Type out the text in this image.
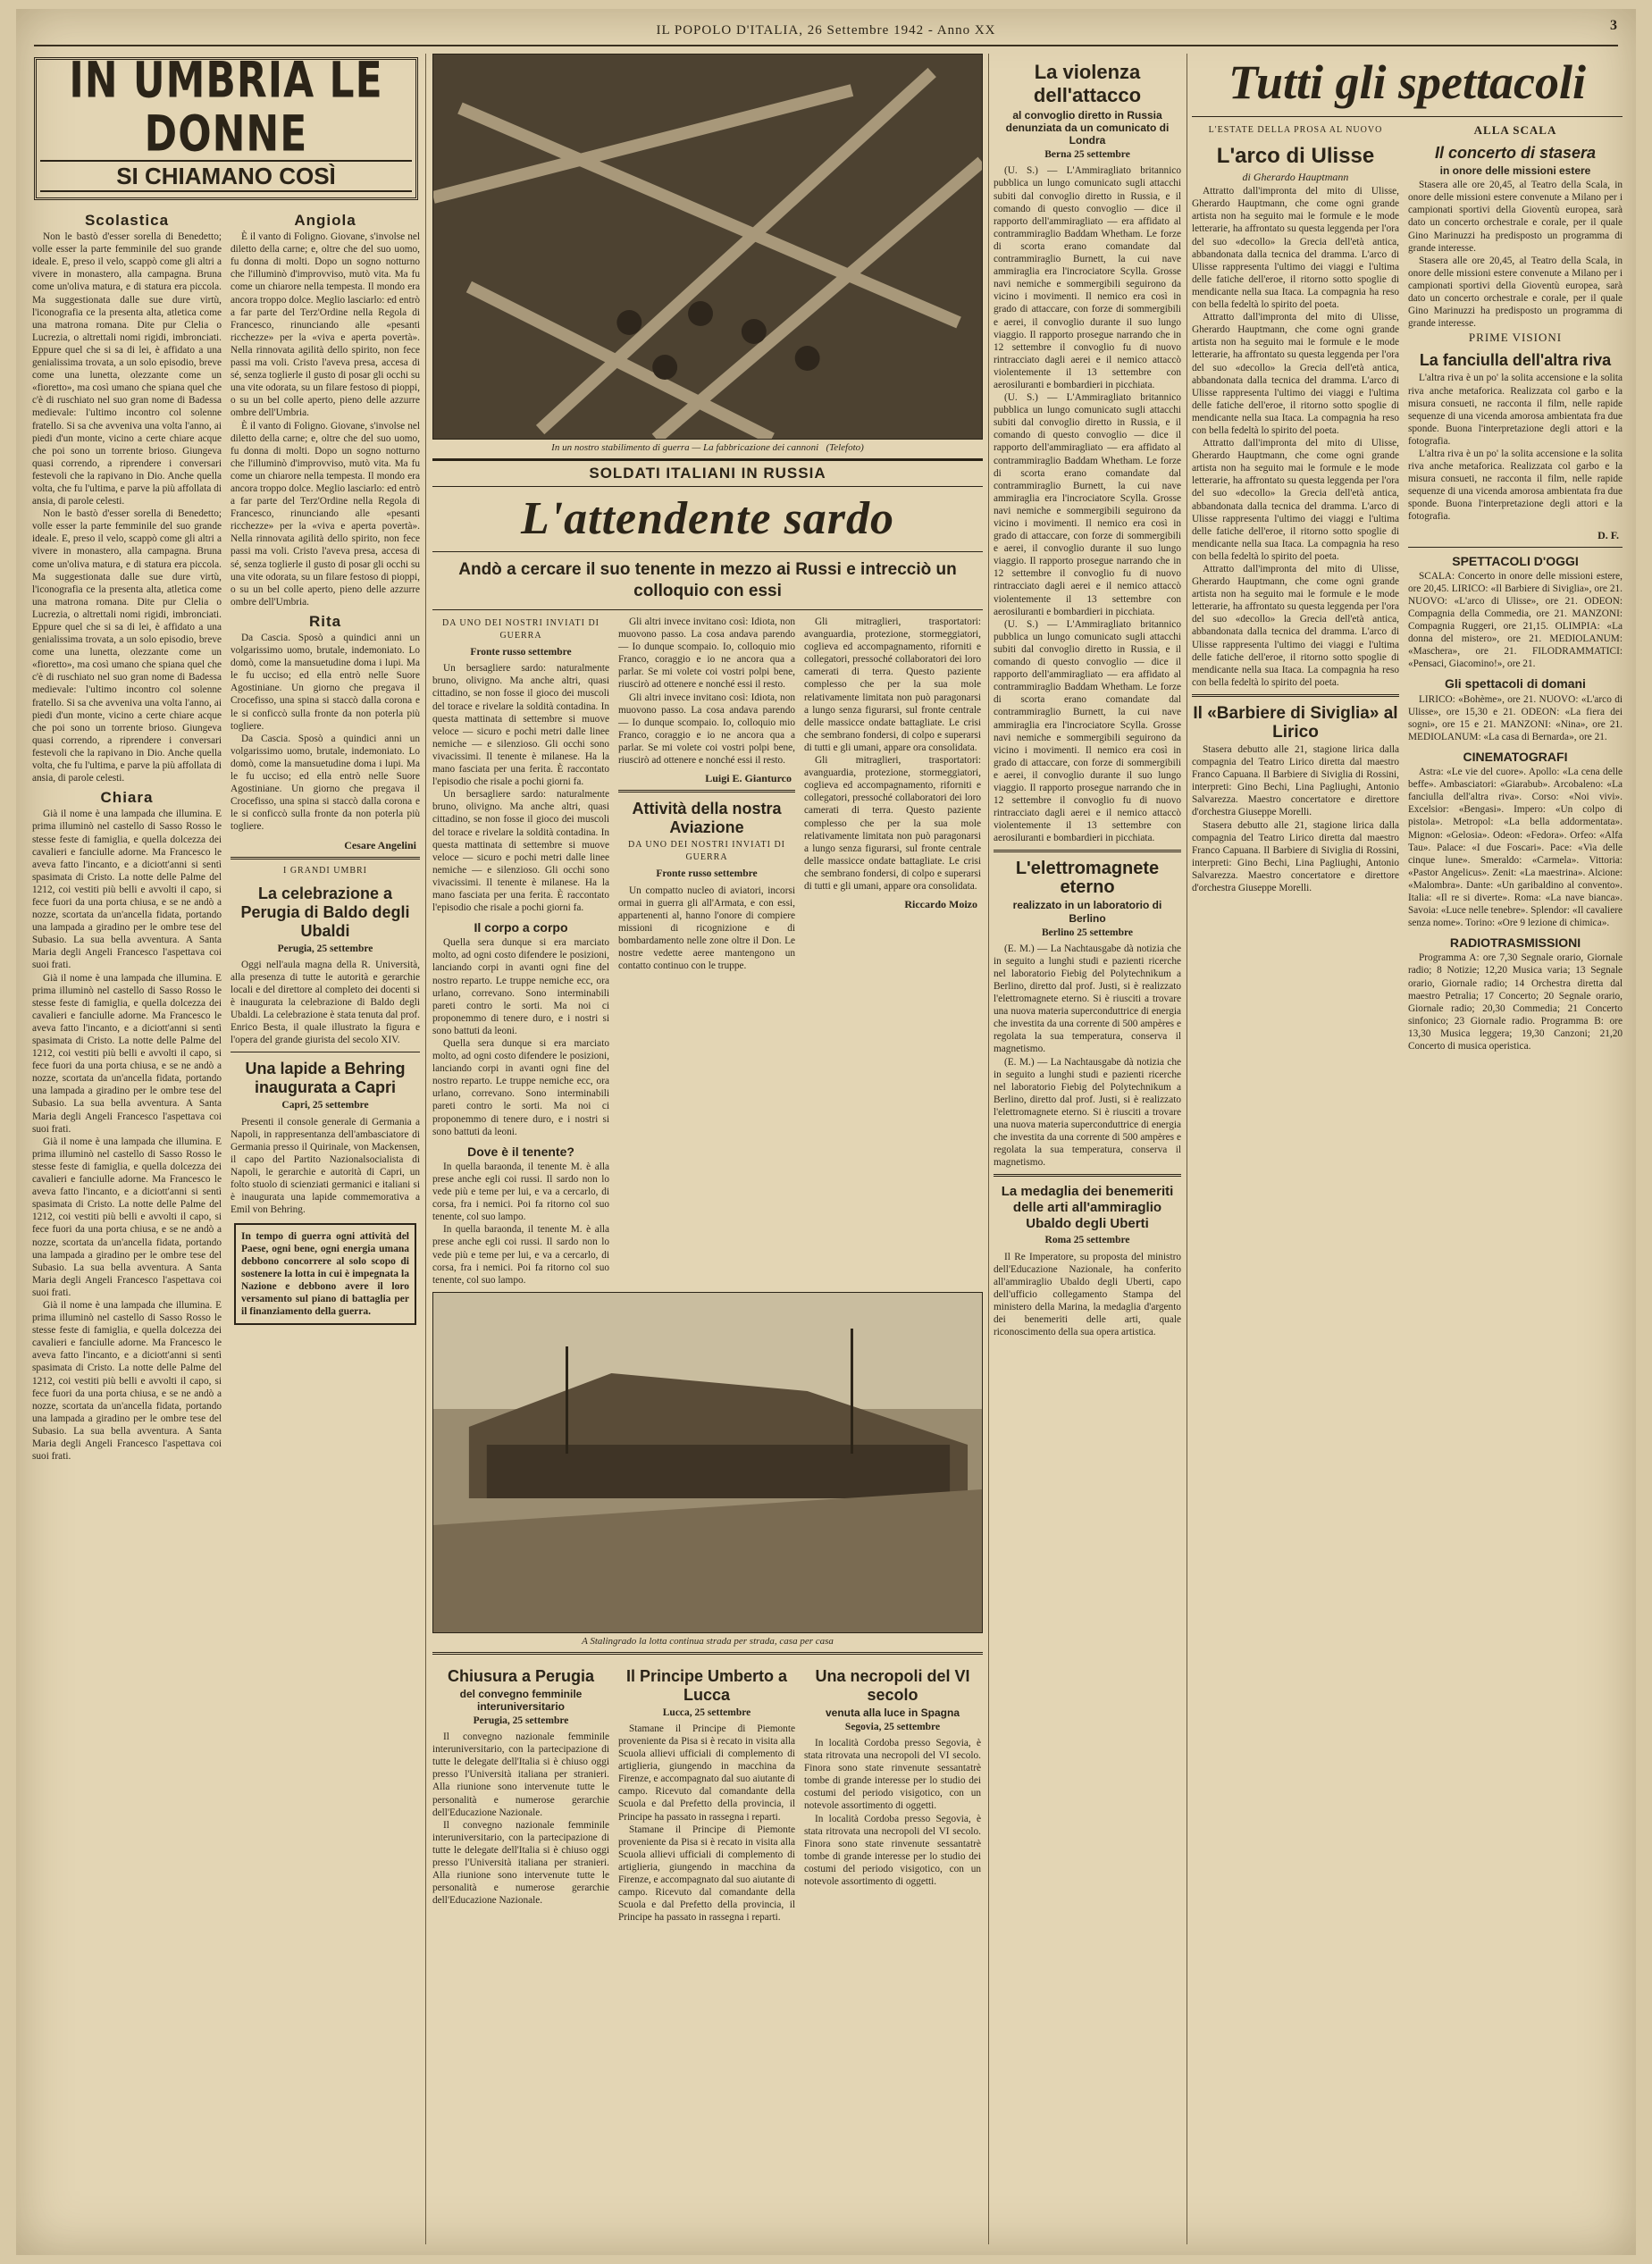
IL POPOLO D'ITALIA, 26 Settembre 1942 - Anno XX	3
IN UMBRIA LE DONNE
SI CHIAMANO COSÌ
Scolastica

Non le bastò d'esser sorella di Benedetto; volle esser la parte femminile del suo grande ideale. E, preso il velo, scappò come gli altri a vivere in monastero, alla campagna. Bruna come un'oliva matura, e di statura era piccola. Ma suggestionata dalle sue dure virtù, l'iconografia ce la presenta alta, atletica come una matrona romana. Dite pur Clelia o Lucrezia, o altrettali nomi rigidi, imbronciati. Eppure quel che si sa di lei, è affidato a una genialissima trovata, a un solo episodio, breve come una lunetta, olezzante come un «fioretto», ma così umano che spiana quel che c'è di ruschiato nel suo gran nome di Badessa medievale: l'ultimo incontro col solenne fratello. Si sa che avveniva una volta l'anno, ai piedi d'un monte, vicino a certe chiare acque che poi sono un torrente brioso. Giungeva quasi correndo, a riprendere i conversari festevoli che la rapivano in Dio. Anche quella volta, che fu l'ultima, e parve la più affollata di ansia, di parole celesti.

Non le bastò d'esser sorella di Benedetto; volle esser la parte femminile del suo grande ideale. E, preso il velo, scappò come gli altri a vivere in monastero, alla campagna. Bruna come un'oliva matura, e di statura era piccola. Ma suggestionata dalle sue dure virtù, l'iconografia ce la presenta alta, atletica come una matrona romana. Dite pur Clelia o Lucrezia, o altrettali nomi rigidi, imbronciati. Eppure quel che si sa di lei, è affidato a una genialissima trovata, a un solo episodio, breve come una lunetta, olezzante come un «fioretto», ma così umano che spiana quel che c'è di ruschiato nel suo gran nome di Badessa medievale: l'ultimo incontro col solenne fratello. Si sa che avveniva una volta l'anno, ai piedi d'un monte, vicino a certe chiare acque che poi sono un torrente brioso. Giungeva quasi correndo, a riprendere i conversari festevoli che la rapivano in Dio. Anche quella volta, che fu l'ultima, e parve la più affollata di ansia, di parole celesti.

Chiara

Già il nome è una lampada che illumina. E prima illuminò nel castello di Sasso Rosso le stesse feste di famiglia, e quella dolcezza dei cavalieri e fanciulle adorne. Ma Francesco le aveva fatto l'incanto, e a diciott'anni si sentì spasimata di Cristo. La notte delle Palme del 1212, coi vestiti più belli e avvolti il capo, si fece fuori da una porta chiusa, e se ne andò a nozze, scortata da un'ancella fidata, portando una lampada a giradino per le ombre tese del Subasio. La sua bella avventura. A Santa Maria degli Angeli Francesco l'aspettava coi suoi frati.

Già il nome è una lampada che illumina. E prima illuminò nel castello di Sasso Rosso le stesse feste di famiglia, e quella dolcezza dei cavalieri e fanciulle adorne. Ma Francesco le aveva fatto l'incanto, e a diciott'anni si sentì spasimata di Cristo. La notte delle Palme del 1212, coi vestiti più belli e avvolti il capo, si fece fuori da una porta chiusa, e se ne andò a nozze, scortata da un'ancella fidata, portando una lampada a giradino per le ombre tese del Subasio. La sua bella avventura. A Santa Maria degli Angeli Francesco l'aspettava coi suoi frati.

Già il nome è una lampada che illumina. E prima illuminò nel castello di Sasso Rosso le stesse feste di famiglia, e quella dolcezza dei cavalieri e fanciulle adorne. Ma Francesco le aveva fatto l'incanto, e a diciott'anni si sentì spasimata di Cristo. La notte delle Palme del 1212, coi vestiti più belli e avvolti il capo, si fece fuori da una porta chiusa, e se ne andò a nozze, scortata da un'ancella fidata, portando una lampada a giradino per le ombre tese del Subasio. La sua bella avventura. A Santa Maria degli Angeli Francesco l'aspettava coi suoi frati.

Già il nome è una lampada che illumina. E prima illuminò nel castello di Sasso Rosso le stesse feste di famiglia, e quella dolcezza dei cavalieri e fanciulle adorne. Ma Francesco le aveva fatto l'incanto, e a diciott'anni si sentì spasimata di Cristo. La notte delle Palme del 1212, coi vestiti più belli e avvolti il capo, si fece fuori da una porta chiusa, e se ne andò a nozze, scortata da un'ancella fidata, portando una lampada a giradino per le ombre tese del Subasio. La sua bella avventura. A Santa Maria degli Angeli Francesco l'aspettava coi suoi frati.

Angiola

È il vanto di Foligno. Giovane, s'involse nel diletto della carne; e, oltre che del suo uomo, fu donna di molti. Dopo un sogno notturno che l'illuminò d'improvviso, mutò vita. Ma fu come un chiarore nella tempesta. Il mondo era ancora troppo dolce. Meglio lasciarlo: ed entrò a far parte del Terz'Ordine nella Regola di Francesco, rinunciando alle «pesanti ricchezze» per la «viva e aperta povertà». Nella rinnovata agilità dello spirito, non fece passi ma voli. Cristo l'aveva presa, accesa di sé, senza toglierle il gusto di posar gli occhi su una vite odorata, su un filare festoso di pioppi, o su un bel colle aperto, pieno delle azzurre ombre dell'Umbria.

È il vanto di Foligno. Giovane, s'involse nel diletto della carne; e, oltre che del suo uomo, fu donna di molti. Dopo un sogno notturno che l'illuminò d'improvviso, mutò vita. Ma fu come un chiarore nella tempesta. Il mondo era ancora troppo dolce. Meglio lasciarlo: ed entrò a far parte del Terz'Ordine nella Regola di Francesco, rinunciando alle «pesanti ricchezze» per la «viva e aperta povertà». Nella rinnovata agilità dello spirito, non fece passi ma voli. Cristo l'aveva presa, accesa di sé, senza toglierle il gusto di posar gli occhi su una vite odorata, su un filare festoso di pioppi, o su un bel colle aperto, pieno delle azzurre ombre dell'Umbria.

Rita

Da Cascia. Sposò a quindici anni un volgarissimo uomo, brutale, indemoniato. Lo domò, come la mansuetudine doma i lupi. Ma le fu ucciso; ed ella entrò nelle Suore Agostiniane. Un giorno che pregava il Crocefisso, una spina si staccò dalla corona e le si conficcò sulla fronte da non poterla più togliere.

Da Cascia. Sposò a quindici anni un volgarissimo uomo, brutale, indemoniato. Lo domò, come la mansuetudine doma i lupi. Ma le fu ucciso; ed ella entrò nelle Suore Agostiniane. Un giorno che pregava il Crocefisso, una spina si staccò dalla corona e le si conficcò sulla fronte da non poterla più togliere.

Cesare Angelini
I GRANDI UMBRI
La celebrazione a Perugia di Baldo degli Ubaldi
Perugia, 25 settembre

Oggi nell'aula magna della R. Università, alla presenza di tutte le autorità e gerarchie locali e del direttore al completo dei docenti si è inaugurata la celebrazione di Baldo degli Ubaldi. La celebrazione è stata tenuta dal prof. Enrico Besta, il quale illustrato la figura e l'opera del grande giurista del secolo XIV.

Una lapide a Behring inaugurata a Capri
Capri, 25 settembre

Presenti il console generale di Germania a Napoli, in rappresentanza dell'ambasciatore di Germania presso il Quirinale, von Mackensen, il capo del Partito Nazionalsocialista di Napoli, le gerarchie e autorità di Capri, un folto stuolo di scienziati germanici e italiani si è inaugurata una lapide commemorativa a Emil von Behring.

In tempo di guerra ogni attività del Paese, ogni bene, ogni energia umana debbono concorrere al solo scopo di sostenere la lotta in cui è impegnata la Nazione e debbono avere il loro versamento sul piano di battaglia per il finanziamento della guerra.
In un nostro stabilimento di guerra — La fabbricazione dei cannoni (Telefoto)
SOLDATI ITALIANI IN RUSSIA
L'attendente sardo
Andò a cercare il suo tenente in mezzo ai Russi e intrecciò un colloquio con essi
DA UNO DEI NOSTRI INVIATI DI GUERRA
Fronte russo settembre

Un bersagliere sardo: naturalmente bruno, olivigno. Ma anche altri, quasi cittadino, se non fosse il gioco dei muscoli del torace e rivelare la soldità contadina. In questa mattinata di settembre si muove veloce — sicuro e pochi metri dalle linee nemiche — e silenzioso. Gli occhi sono vivacissimi. Il tenente è milanese. Ha la mano fasciata per una ferita. È raccontato l'episodio che risale a pochi giorni fa.

Un bersagliere sardo: naturalmente bruno, olivigno. Ma anche altri, quasi cittadino, se non fosse il gioco dei muscoli del torace e rivelare la soldità contadina. In questa mattinata di settembre si muove veloce — sicuro e pochi metri dalle linee nemiche — e silenzioso. Gli occhi sono vivacissimi. Il tenente è milanese. Ha la mano fasciata per una ferita. È raccontato l'episodio che risale a pochi giorni fa.

Il corpo a corpo

Quella sera dunque si era marciato molto, ad ogni costo difendere le posizioni, lanciando corpi in avanti ogni fine del nostro reparto. Le truppe nemiche ecc, ora urlano, correvano. Sono interminabili pareti contro le sorti. Ma noi ci proponemmo di tenere duro, e i nostri si sono battuti da leoni.

Quella sera dunque si era marciato molto, ad ogni costo difendere le posizioni, lanciando corpi in avanti ogni fine del nostro reparto. Le truppe nemiche ecc, ora urlano, correvano. Sono interminabili pareti contro le sorti. Ma noi ci proponemmo di tenere duro, e i nostri si sono battuti da leoni.

Dove è il tenente?

In quella baraonda, il tenente M. è alla prese anche egli coi russi. Il sardo non lo vede più e teme per lui, e va a cercarlo, di corsa, fra i nemici. Poi fa ritorno col suo tenente, col suo lampo.

In quella baraonda, il tenente M. è alla prese anche egli coi russi. Il sardo non lo vede più e teme per lui, e va a cercarlo, di corsa, fra i nemici. Poi fa ritorno col suo tenente, col suo lampo.

Gli altri invece invitano così: Idiota, non muovono passo. La cosa andava parendo — Io dunque scompaio. Io, colloquio mio Franco, coraggio e io ne ancora qua a parlar. Se mi volete coi vostri polpi bene, riuscirò ad ottenere e nonché essi il resto.

Gli altri invece invitano così: Idiota, non muovono passo. La cosa andava parendo — Io dunque scompaio. Io, colloquio mio Franco, coraggio e io ne ancora qua a parlar. Se mi volete coi vostri polpi bene, riuscirò ad ottenere e nonché essi il resto.

Luigi E. Gianturco
Attività della nostra Aviazione
DA UNO DEI NOSTRI INVIATI DI GUERRA
Fronte russo settembre

Un compatto nucleo di aviatori, incorsi ormai in guerra gli all'Armata, e con essi, appartenenti al, hanno l'onore di compiere missioni di ricognizione e di bombardamento nelle zone oltre il Don. Le nostre vedette aeree mantengono un contatto continuo con le truppe.

Gli mitraglieri, trasportatori: avanguardia, protezione, stormeggiatori, coglieva ed accompagnamento, riforniti e collegatori, pressoché collaboratori dei loro camerati di terra. Questo paziente complesso che per la sua mole relativamente limitata non può paragonarsi a lungo senza figurarsi, sul fronte centrale delle massicce ondate battagliate. Le crisi che sembrano fondersi, di colpo e superarsi di tutti e gli umani, appare ora consolidata.

Gli mitraglieri, trasportatori: avanguardia, protezione, stormeggiatori, coglieva ed accompagnamento, riforniti e collegatori, pressoché collaboratori dei loro camerati di terra. Questo paziente complesso che per la sua mole relativamente limitata non può paragonarsi a lungo senza figurarsi, sul fronte centrale delle massicce ondate battagliate. Le crisi che sembrano fondersi, di colpo e superarsi di tutti e gli umani, appare ora consolidata.

Riccardo Moizo
A Stalingrado la lotta continua strada per strada, casa per casa
Chiusura a Perugia
del convegno femminile interuniversitario
Perugia, 25 settembre

Il convegno nazionale femminile interuniversitario, con la partecipazione di tutte le delegate dell'Italia si è chiuso oggi presso l'Università italiana per stranieri. Alla riunione sono intervenute tutte le personalità e numerose gerarchie dell'Educazione Nazionale.

Il convegno nazionale femminile interuniversitario, con la partecipazione di tutte le delegate dell'Italia si è chiuso oggi presso l'Università italiana per stranieri. Alla riunione sono intervenute tutte le personalità e numerose gerarchie dell'Educazione Nazionale.

Il Principe Umberto a Lucca
Lucca, 25 settembre

Stamane il Principe di Piemonte proveniente da Pisa si è recato in visita alla Scuola allievi ufficiali di complemento di artiglieria, giungendo in macchina da Firenze, e accompagnato dal suo aiutante di campo. Ricevuto dal comandante della Scuola e dal Prefetto della provincia, il Principe ha passato in rassegna i reparti.

Stamane il Principe di Piemonte proveniente da Pisa si è recato in visita alla Scuola allievi ufficiali di complemento di artiglieria, giungendo in macchina da Firenze, e accompagnato dal suo aiutante di campo. Ricevuto dal comandante della Scuola e dal Prefetto della provincia, il Principe ha passato in rassegna i reparti.

Una necropoli del VI secolo
venuta alla luce in Spagna
Segovia, 25 settembre

In località Cordoba presso Segovia, è stata ritrovata una necropoli del VI secolo. Finora sono state rinvenute sessantatrè tombe di grande interesse per lo studio dei costumi del periodo visigotico, con un notevole assortimento di oggetti.

In località Cordoba presso Segovia, è stata ritrovata una necropoli del VI secolo. Finora sono state rinvenute sessantatrè tombe di grande interesse per lo studio dei costumi del periodo visigotico, con un notevole assortimento di oggetti.

La violenza dell'attacco
al convoglio diretto in Russia denunziata da un comunicato di Londra
Berna 25 settembre

(U. S.) — L'Ammiragliato britannico pubblica un lungo comunicato sugli attacchi subiti dal convoglio diretto in Russia, e il comando di questo convoglio — dice il rapporto dell'ammiragliato — era affidato al contrammiraglio Baddam Whetham. Le forze di scorta erano comandate dal contrammiraglio Burnett, la cui nave ammiraglia era l'incrociatore Scylla. Grosse navi nemiche e sommergibili seguirono da vicino i movimenti. Il nemico era così in grado di attaccare, con forze di sommergibili e aerei, il convoglio durante il suo lungo viaggio. Il rapporto prosegue narrando che in 12 settembre il convoglio fu di nuovo rintracciato dagli aerei e il nemico attaccò violentemente il 13 settembre con aerosiluranti e bombardieri in picchiata.

(U. S.) — L'Ammiragliato britannico pubblica un lungo comunicato sugli attacchi subiti dal convoglio diretto in Russia, e il comando di questo convoglio — dice il rapporto dell'ammiragliato — era affidato al contrammiraglio Baddam Whetham. Le forze di scorta erano comandate dal contrammiraglio Burnett, la cui nave ammiraglia era l'incrociatore Scylla. Grosse navi nemiche e sommergibili seguirono da vicino i movimenti. Il nemico era così in grado di attaccare, con forze di sommergibili e aerei, il convoglio durante il suo lungo viaggio. Il rapporto prosegue narrando che in 12 settembre il convoglio fu di nuovo rintracciato dagli aerei e il nemico attaccò violentemente il 13 settembre con aerosiluranti e bombardieri in picchiata.

(U. S.) — L'Ammiragliato britannico pubblica un lungo comunicato sugli attacchi subiti dal convoglio diretto in Russia, e il comando di questo convoglio — dice il rapporto dell'ammiragliato — era affidato al contrammiraglio Baddam Whetham. Le forze di scorta erano comandate dal contrammiraglio Burnett, la cui nave ammiraglia era l'incrociatore Scylla. Grosse navi nemiche e sommergibili seguirono da vicino i movimenti. Il nemico era così in grado di attaccare, con forze di sommergibili e aerei, il convoglio durante il suo lungo viaggio. Il rapporto prosegue narrando che in 12 settembre il convoglio fu di nuovo rintracciato dagli aerei e il nemico attaccò violentemente il 13 settembre con aerosiluranti e bombardieri in picchiata.

L'elettromagnete eterno
realizzato in un laboratorio di Berlino
Berlino 25 settembre

(E. M.) — La Nachtausgabe dà notizia che in seguito a lunghi studi e pazienti ricerche nel laboratorio Fiebig del Polytechnikum a Berlino, diretto dal prof. Justi, si è realizzato l'elettromagnete eterno. Si è riusciti a trovare una nuova materia superconduttrice di energia che investita da una corrente di 500 ampères e regolata la sua temperatura, conserva il magnetismo.

(E. M.) — La Nachtausgabe dà notizia che in seguito a lunghi studi e pazienti ricerche nel laboratorio Fiebig del Polytechnikum a Berlino, diretto dal prof. Justi, si è realizzato l'elettromagnete eterno. Si è riusciti a trovare una nuova materia superconduttrice di energia che investita da una corrente di 500 ampères e regolata la sua temperatura, conserva il magnetismo.

La medaglia dei benemeriti delle arti all'ammiraglio Ubaldo degli Uberti
Roma 25 settembre

Il Re Imperatore, su proposta del ministro dell'Educazione Nazionale, ha conferito all'ammiraglio Ubaldo degli Uberti, capo dell'ufficio collegamento Stampa del ministero della Marina, la medaglia d'argento dei benemeriti delle arti, quale riconoscimento della sua opera artistica.

Tutti gli spettacoli
L'ESTATE DELLA PROSA AL NUOVO
L'arco di Ulisse
di Gherardo Hauptmann

Attratto dall'impronta del mito di Ulisse, Gherardo Hauptmann, che come ogni grande artista non ha seguito mai le formule e le mode letterarie, ha affrontato su questa leggenda per l'ora del suo «decollo» la Grecia dell'età antica, abbandonata dalla tecnica del dramma. L'arco di Ulisse rappresenta l'ultimo dei viaggi e l'ultima delle fatiche dell'eroe, il ritorno sotto spoglie di mendicante nella sua Itaca. La compagnia ha reso con bella fedeltà lo spirito del poeta.

Attratto dall'impronta del mito di Ulisse, Gherardo Hauptmann, che come ogni grande artista non ha seguito mai le formule e le mode letterarie, ha affrontato su questa leggenda per l'ora del suo «decollo» la Grecia dell'età antica, abbandonata dalla tecnica del dramma. L'arco di Ulisse rappresenta l'ultimo dei viaggi e l'ultima delle fatiche dell'eroe, il ritorno sotto spoglie di mendicante nella sua Itaca. La compagnia ha reso con bella fedeltà lo spirito del poeta.

Attratto dall'impronta del mito di Ulisse, Gherardo Hauptmann, che come ogni grande artista non ha seguito mai le formule e le mode letterarie, ha affrontato su questa leggenda per l'ora del suo «decollo» la Grecia dell'età antica, abbandonata dalla tecnica del dramma. L'arco di Ulisse rappresenta l'ultimo dei viaggi e l'ultima delle fatiche dell'eroe, il ritorno sotto spoglie di mendicante nella sua Itaca. La compagnia ha reso con bella fedeltà lo spirito del poeta.

Attratto dall'impronta del mito di Ulisse, Gherardo Hauptmann, che come ogni grande artista non ha seguito mai le formule e le mode letterarie, ha affrontato su questa leggenda per l'ora del suo «decollo» la Grecia dell'età antica, abbandonata dalla tecnica del dramma. L'arco di Ulisse rappresenta l'ultimo dei viaggi e l'ultima delle fatiche dell'eroe, il ritorno sotto spoglie di mendicante nella sua Itaca. La compagnia ha reso con bella fedeltà lo spirito del poeta.

Il «Barbiere di Siviglia» al Lirico

Stasera debutto alle 21, stagione lirica dalla compagnia del Teatro Lirico diretta dal maestro Franco Capuana. Il Barbiere di Siviglia di Rossini, interpreti: Gino Bechi, Lina Pagliughi, Antonio Salvarezza. Maestro concertatore e direttore d'orchestra Giuseppe Morelli.

Stasera debutto alle 21, stagione lirica dalla compagnia del Teatro Lirico diretta dal maestro Franco Capuana. Il Barbiere di Siviglia di Rossini, interpreti: Gino Bechi, Lina Pagliughi, Antonio Salvarezza. Maestro concertatore e direttore d'orchestra Giuseppe Morelli.

ALLA SCALA
Il concerto di stasera
in onore delle missioni estere

Stasera alle ore 20,45, al Teatro della Scala, in onore delle missioni estere convenute a Milano per i campionati sportivi della Gioventù europea, sarà dato un concerto orchestrale e corale, per il quale Gino Marinuzzi ha predisposto un programma di grande interesse.

Stasera alle ore 20,45, al Teatro della Scala, in onore delle missioni estere convenute a Milano per i campionati sportivi della Gioventù europea, sarà dato un concerto orchestrale e corale, per il quale Gino Marinuzzi ha predisposto un programma di grande interesse.

PRIME VISIONI
La fanciulla dell'altra riva

L'altra riva è un po' la solita accensione e la solita riva anche metaforica. Realizzata col garbo e la misura consueti, ne racconta il film, nelle rapide sequenze di una vicenda amorosa ambientata fra due sponde. Buona l'interpretazione degli attori e la fotografia.

L'altra riva è un po' la solita accensione e la solita riva anche metaforica. Realizzata col garbo e la misura consueti, ne racconta il film, nelle rapide sequenze di una vicenda amorosa ambientata fra due sponde. Buona l'interpretazione degli attori e la fotografia.

D. F.
SPETTACOLI D'OGGI

SCALA: Concerto in onore delle missioni estere, ore 20,45. LIRICO: «Il Barbiere di Siviglia», ore 21. NUOVO: «L'arco di Ulisse», ore 21. ODEON: Compagnia della Commedia, ore 21. MANZONI: Compagnia Ruggeri, ore 21,15. OLIMPIA: «La donna del mistero», ore 21. MEDIOLANUM: «Maschera», ore 21. FILODRAMMATICI: «Pensaci, Giacomino!», ore 21.

Gli spettacoli di domani

LIRICO: «Bohème», ore 21. NUOVO: «L'arco di Ulisse», ore 15,30 e 21. ODEON: «La fiera dei sogni», ore 15 e 21. MANZONI: «Nina», ore 21. MEDIOLANUM: «La casa di Bernarda», ore 21.

CINEMATOGRAFI

Astra: «Le vie del cuore». Apollo: «La cena delle beffe». Ambasciatori: «Giarabub». Arcobaleno: «La fanciulla dell'altra riva». Corso: «Noi vivi». Excelsior: «Bengasi». Impero: «Un colpo di pistola». Metropol: «La bella addormentata». Mignon: «Gelosia». Odeon: «Fedora». Orfeo: «Alfa Tau». Palace: «I due Foscari». Pace: «Via delle cinque lune». Smeraldo: «Carmela». Vittoria: «Pastor Angelicus». Zenit: «La maestrina». Alcione: «Malombra». Dante: «Un garibaldino al convento». Italia: «Il re si diverte». Roma: «La nave bianca». Savoia: «Luce nelle tenebre». Splendor: «Il cavaliere senza nome». Torino: «Ore 9 lezione di chimica».

RADIOTRASMISSIONI

Programma A: ore 7,30 Segnale orario, Giornale radio; 8 Notizie; 12,20 Musica varia; 13 Segnale orario, Giornale radio; 14 Orchestra diretta dal maestro Petralia; 17 Concerto; 20 Segnale orario, Giornale radio; 20,30 Commedia; 21 Concerto sinfonico; 23 Giornale radio. Programma B: ore 13,30 Musica leggera; 19,30 Canzoni; 21,20 Concerto di musica operistica.
